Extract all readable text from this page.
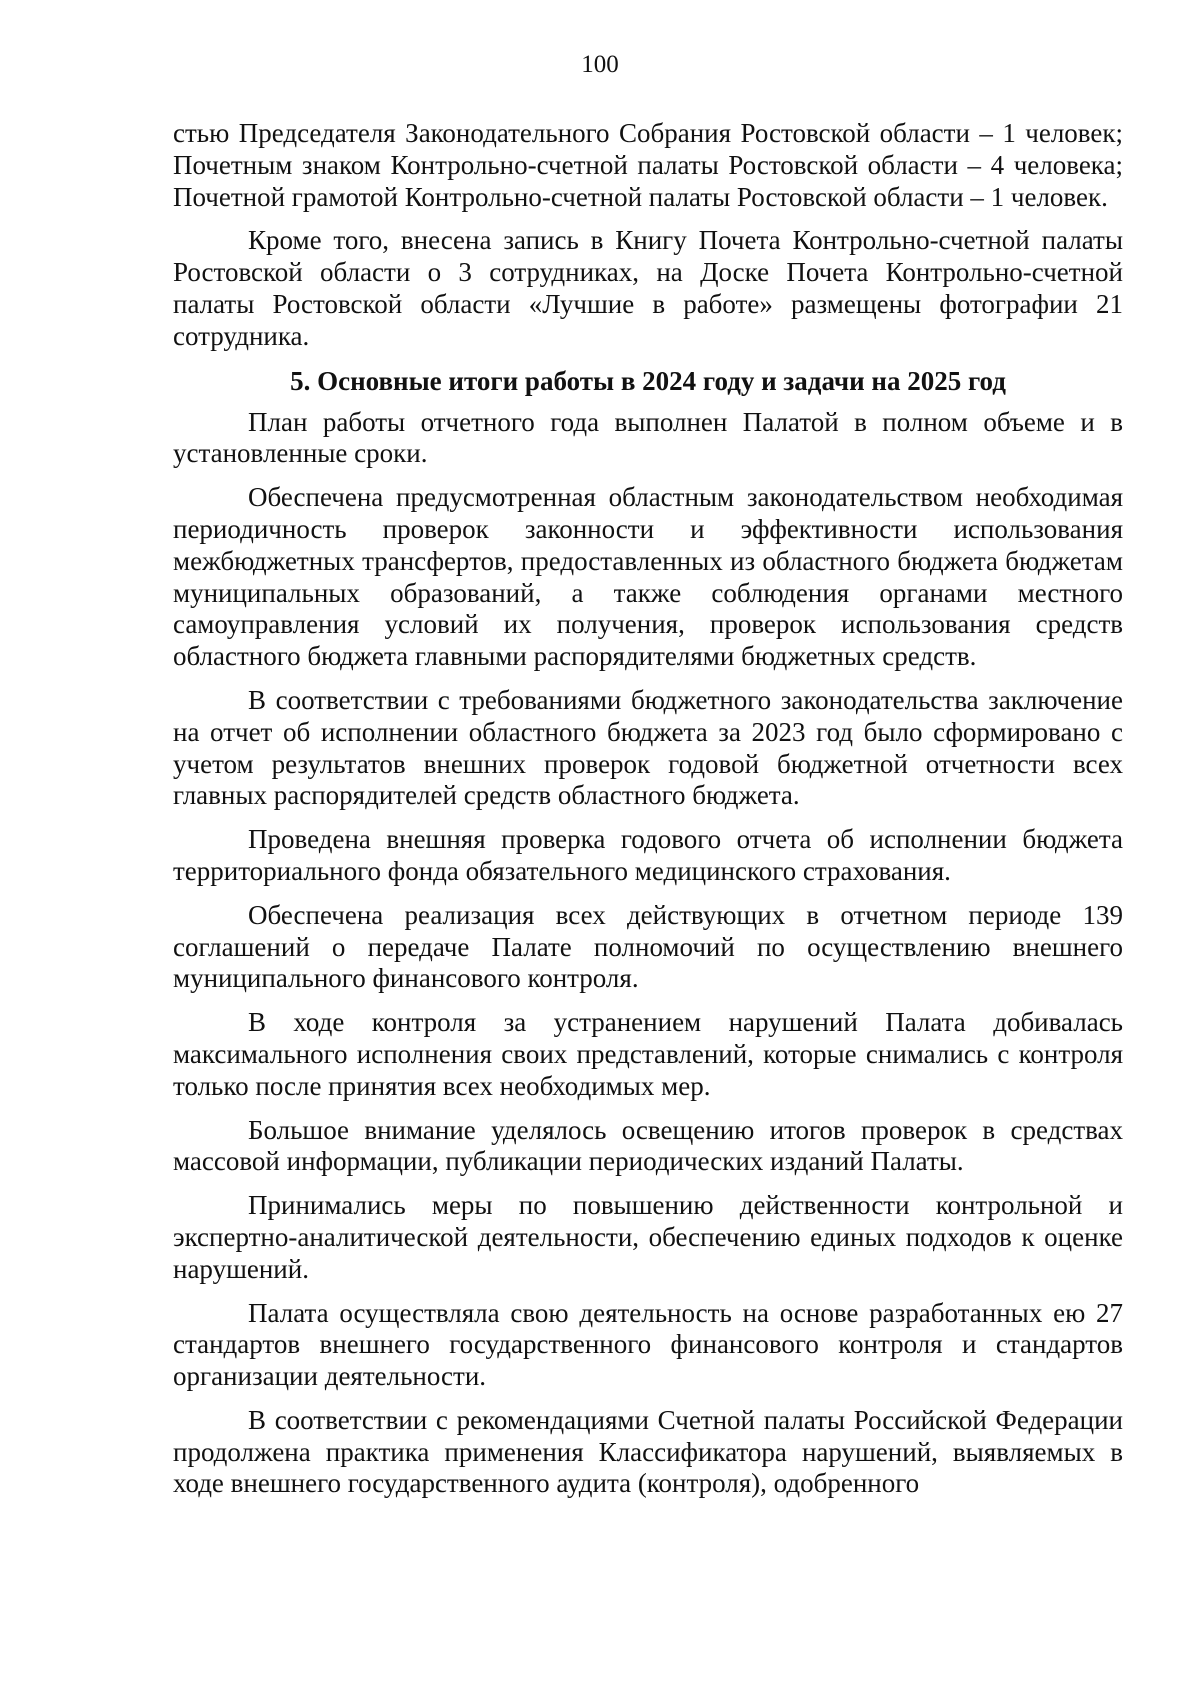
100

стью Председателя Законодательного Собрания Ростовской области – 1 человек; Почетным знаком Контрольно-счетной палаты Ростовской области – 4 человека; Почетной грамотой Контрольно-счетной палаты Ростовской области – 1 человек.

Кроме того, внесена запись в Книгу Почета Контрольно-счетной палаты Ростовской области о 3 сотрудниках, на Доске Почета Контрольно-счетной палаты Ростовской области «Лучшие в работе» размещены фотографии 21 сотрудника.

5. Основные итоги работы в 2024 году и задачи на 2025 год

План работы отчетного года выполнен Палатой в полном объеме и в установленные сроки.

Обеспечена предусмотренная областным законодательством необходимая периодичность проверок законности и эффективности использования межбюджетных трансфертов, предоставленных из областного бюджета бюджетам муниципальных образований, а также соблюдения органами местного самоуправления условий их получения, проверок использования средств областного бюджета главными распорядителями бюджетных средств.

В соответствии с требованиями бюджетного законодательства заключение на отчет об исполнении областного бюджета за 2023 год было сформировано с учетом результатов внешних проверок годовой бюджетной отчетности всех главных распорядителей средств областного бюджета.

Проведена внешняя проверка годового отчета об исполнении бюджета территориального фонда обязательного медицинского страхования.

Обеспечена реализация всех действующих в отчетном периоде 139 соглашений о передаче Палате полномочий по осуществлению внешнего муниципального финансового контроля.

В ходе контроля за устранением нарушений Палата добивалась максимального исполнения своих представлений, которые снимались с контроля только после принятия всех необходимых мер.

Большое внимание уделялось освещению итогов проверок в средствах массовой информации, публикации периодических изданий Палаты.

Принимались меры по повышению действенности контрольной и экспертно-аналитической деятельности, обеспечению единых подходов к оценке нарушений.

Палата осуществляла свою деятельность на основе разработанных ею 27 стандартов внешнего государственного финансового контроля и стандартов организации деятельности.

В соответствии с рекомендациями Счетной палаты Российской Федерации продолжена практика применения Классификатора нарушений, выявляемых в ходе внешнего государственного аудита (контроля), одобренного
